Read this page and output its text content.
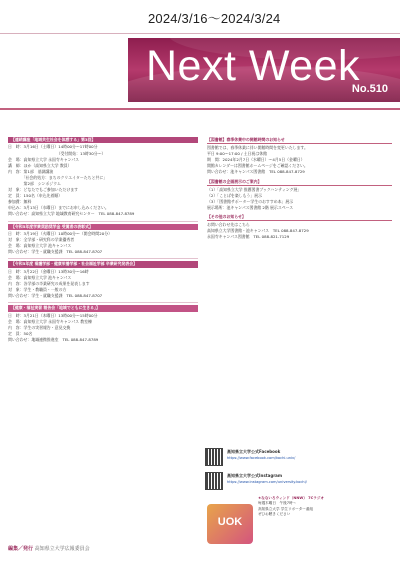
2024/3/16〜2024/3/24
Next Week
No.510
【連続講座「地域共生社会を体感する」第3回】
日　時：3月16日（土曜日）14時00分〜17時00分
　　　　　　　　　　　　　（受付開始：13時30分〜）
会　場：高知県立大学 永国寺キャンパス
講　師：ほか（高知県立大学 教員）
内　容：第1部　基調講演
　　　　「社会的処方：まちのクリエイターたちと共に」
　　　　第2部　シンポジウム
対　象：どなたでもご参加いただけます
定　員：150名（申込先着順）
参加費：無料
申込み：3月13日（水曜日）までにお申し込みください。
問い合わせ：高知県立大学 地域教育研究センター　TEL 088-847-8789
【令和5年度学業奨励奨学金 受賞者の表彰式】
日　時：3月19日（火曜日）10時00分〜（開会時間20分）
対　象：全学部・研究科の学業優秀者
会　場：高知県立大学 池キャンパス
問い合わせ：学生・就職支援課　TEL 088-847-8707
【令和5年度 看護学部・健康栄養学部・社会福祉学部 卒業研究発表会】
日　時：3月22日（金曜日）13時30分〜16時
会　場：高知県立大学 池キャンパス
内　容：各学部の卒業研究の成果を発表します
対　象：学生・教職員・一般の方
問い合わせ：学生・就職支援課　TEL 088-847-8707
【健康・福祉実習 報告会「地域でともに生きる」】
日　時：3月21日（木曜日）13時00分〜15時00分
会　場：高知県立大学 永国寺キャンパス 教室棟
内　容：学生の実習報告・意見交換
定　員：50名
問い合わせ：地域連携推進室　TEL 088-847-8789
【図書館】春季休業中の開館時間のお知らせ
図書館では、春季休業に伴い開館時間を変更いたします。
平日 9:00〜17:00 / 土日祝は休館
期　間：2024年2月7日（水曜日）〜4月5日（金曜日）
開館カレンダーは図書館ホームページをご確認ください。
問い合わせ：池キャンパス図書館　TEL 088-847-8729
【図書館の企画展示のご案内】
（1）「高知県立大学 推薦図書ブックハンティング展」
（2）「ことばを楽しもう」展示
（3）「図書館サポーター学生のおすすめ本」展示
展示場所：池キャンパス図書館 2階 展示スペース
【その他のお知らせ】
お問い合わせ先はこちら
高知県立大学図書館・池キャンパス　TEL 088-847-8729
永国寺キャンパス図書館　TEL 088-821-7129
高知県立大学公式Facebook
https://www.facebook.com/kochi.univ/
高知県立大学公式Instagram
https://www.instagram.com/university.kochi/
UOK
★なないろウィンド（NNW） 7Cラジオ
毎週木曜日　午後7時〜
高知県立大学 学生リポーター番組
ぜひお聴きください
編集／発行 高知県立大学広報委員会
